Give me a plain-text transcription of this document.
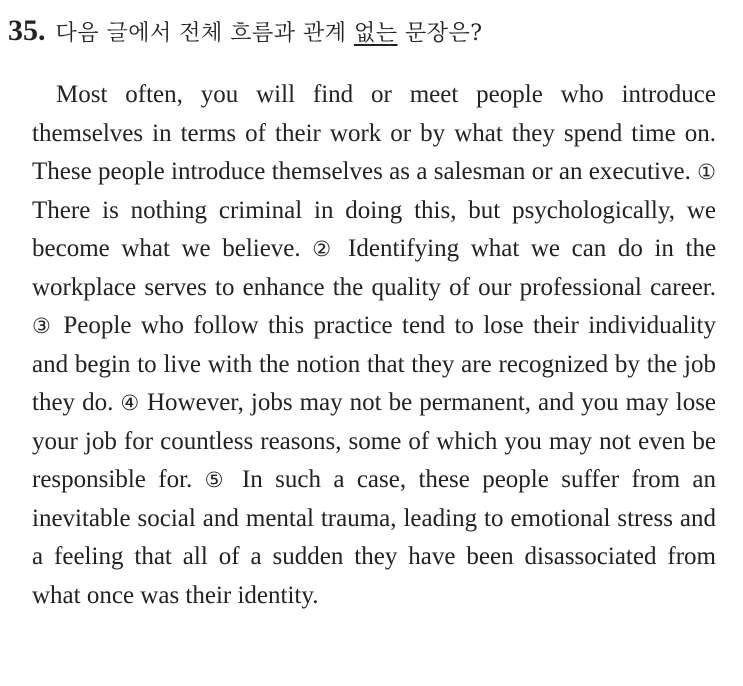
35. 다음 글에서 전체 흐름과 관계 없는 문장은?

Most often, you will find or meet people who introduce themselves in terms of their work or by what they spend time on. These people introduce themselves as a salesman or an executive. ① There is nothing criminal in doing this, but psychologically, we become what we believe. ② Identifying what we can do in the workplace serves to enhance the quality of our professional career. ③ People who follow this practice tend to lose their individuality and begin to live with the notion that they are recognized by the job they do. ④ However, jobs may not be permanent, and you may lose your job for countless reasons, some of which you may not even be responsible for. ⑤ In such a case, these people suffer from an inevitable social and mental trauma, leading to emotional stress and a feeling that all of a sudden they have been disassociated from what once was their identity.
